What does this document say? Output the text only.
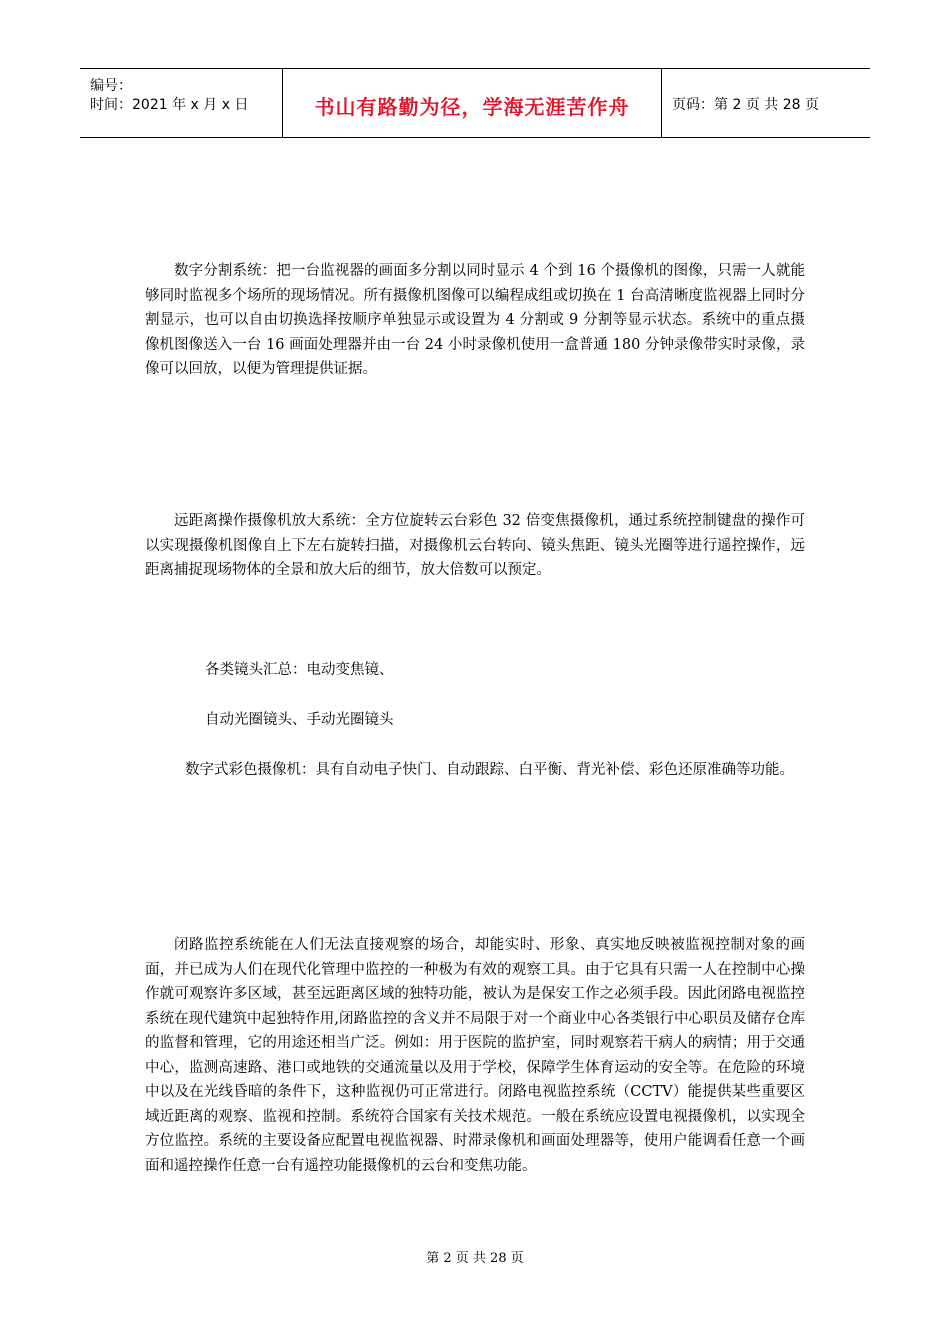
编号：
时间：2021 年 x 月 x 日	书山有路勤为径，学海无涯苦作舟	页码：第 2 页 共 28 页

数字分割系统：把一台监视器的画面多分割以同时显示 4 个到 16 个摄像机的图像，只需一人就能够同时监视多个场所的现场情况。所有摄像机图像可以编程成组或切换在 1 台高清晰度监视器上同时分割显示，也可以自由切换选择按顺序单独显示或设置为 4 分割或 9 分割等显示状态。系统中的重点摄像机图像送入一台 16 画面处理器并由一台 24 小时录像机使用一盒普通 180 分钟录像带实时录像，录像可以回放，以便为管理提供证据。

远距离操作摄像机放大系统：全方位旋转云台彩色 32 倍变焦摄像机，通过系统控制键盘的操作可以实现摄像机图像自上下左右旋转扫描，对摄像机云台转向、镜头焦距、镜头光圈等进行遥控操作，远距离捕捉现场物体的全景和放大后的细节，放大倍数可以预定。

各类镜头汇总：电动变焦镜、

自动光圈镜头、手动光圈镜头

数字式彩色摄像机：具有自动电子快门、自动跟踪、白平衡、背光补偿、彩色还原准确等功能。

闭路监控系统能在人们无法直接观察的场合，却能实时、形象、真实地反映被监视控制对象的画面，并已成为人们在现代化管理中监控的一种极为有效的观察工具。由于它具有只需一人在控制中心操作就可观察许多区域，甚至远距离区域的独特功能，被认为是保安工作之必须手段。因此闭路电视监控系统在现代建筑中起独特作用,闭路监控的含义并不局限于对一个商业中心各类银行中心职员及储存仓库的监督和管理，它的用途还相当广泛。例如：用于医院的监护室，同时观察若干病人的病情；用于交通中心，监测高速路、港口或地铁的交通流量以及用于学校，保障学生体育运动的安全等。在危险的环境中以及在光线昏暗的条件下，这种监视仍可正常进行。闭路电视监控系统（CCTV）能提供某些重要区域近距离的观察、监视和控制。系统符合国家有关技术规范。一般在系统应设置电视摄像机，以实现全方位监控。系统的主要设备应配置电视监视器、时滞录像机和画面处理器等，使用户能调看任意一个画面和遥控操作任意一台有遥控功能摄像机的云台和变焦功能。

第 2 页 共 28 页
